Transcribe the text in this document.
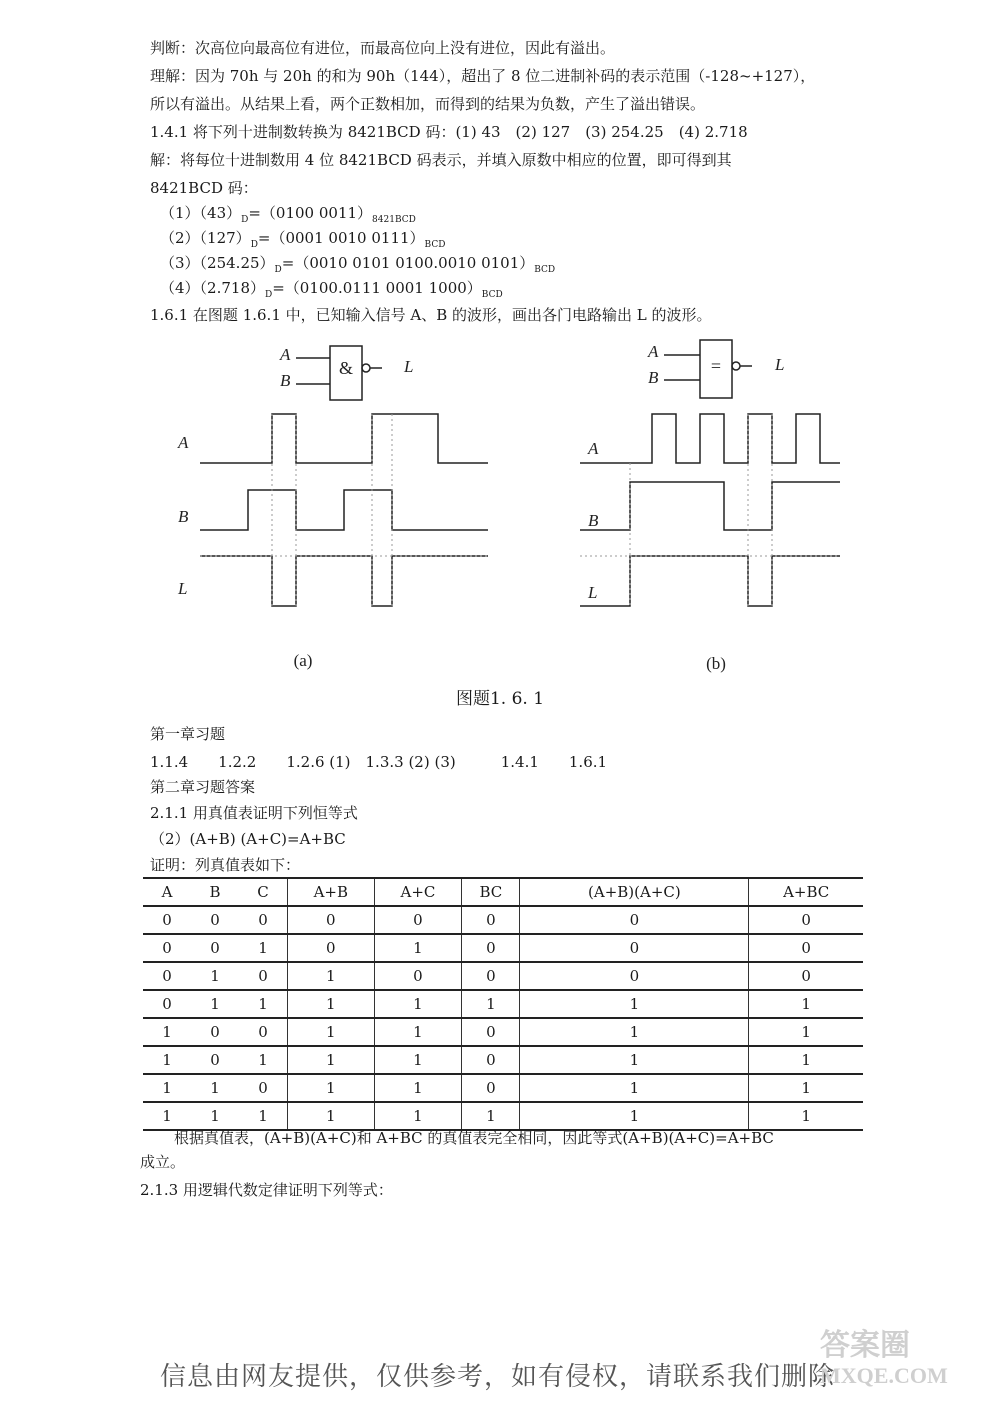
判断：次高位向最高位有进位，而最高位向上没有进位，因此有溢出。
理解：因为 70h 与 20h 的和为 90h（144），超出了 8 位二进制补码的表示范围（-128~+127），
所以有溢出。从结果上看，两个正数相加，而得到的结果为负数，产生了溢出错误。
1.4.1 将下列十进制数转换为 8421BCD 码：(1) 43　(2) 127　(3) 254.25　(4) 2.718
解：将每位十进制数用 4 位 8421BCD 码表示，并填入原数中相应的位置，即可得到其
8421BCD 码：
$(1)(43)_D=(0100$ $0011)_{8421BCD}$
$(2)(127)_D=(0001$ 0010 $0111)_{BCD}$
$(3)(254.25)_D=(0010$ 0101 0100.0010 $0101)_{BCD}$
$(4)(2.718)_D=(0100.0111$ 0001 $1000)_{BCD}$
1.6.1 在图题 1.6.1 中，已知输入信号 A、B 的波形，画出各门电路输出 L 的波形。
A
B
L
A
B
L
A
B
L
A
B
L
&	=
(a)	(b)
图题1. 6. 1
第一章习题
1.1.4　　1.2.2　　1.2.6 (1)　1.3.3 (2) (3)　　　1.4.1　　1.6.1
第二章习题答案
2.1.1 用真值表证明下列恒等式
（2）(A+B) (A+C)=A+BC
证明：列真值表如下：
A	B	C	A+B	A+C	BC	(A+B)(A+C)	A+BC
0	0	0	0	0	0	0	0
0	0	1	0	1	0	0	0
0	1	0	1	0	0	0	0
0	1	1	1	1	1	1	1
1	0	0	1	1	0	1	1
1	0	1	1	1	0	1	1
1	1	0	1	1	0	1	1
1	1	1	1	1	1	1	1
根据真值表，(A+B)(A+C)和 A+BC 的真值表完全相同，因此等式(A+B)(A+C)=A+BC
成立。
2.1.3 用逻辑代数定律证明下列等式：
信息由网友提供，仅供参考，如有侵权，请联系我们删除
答案圈
MXQE.COM
